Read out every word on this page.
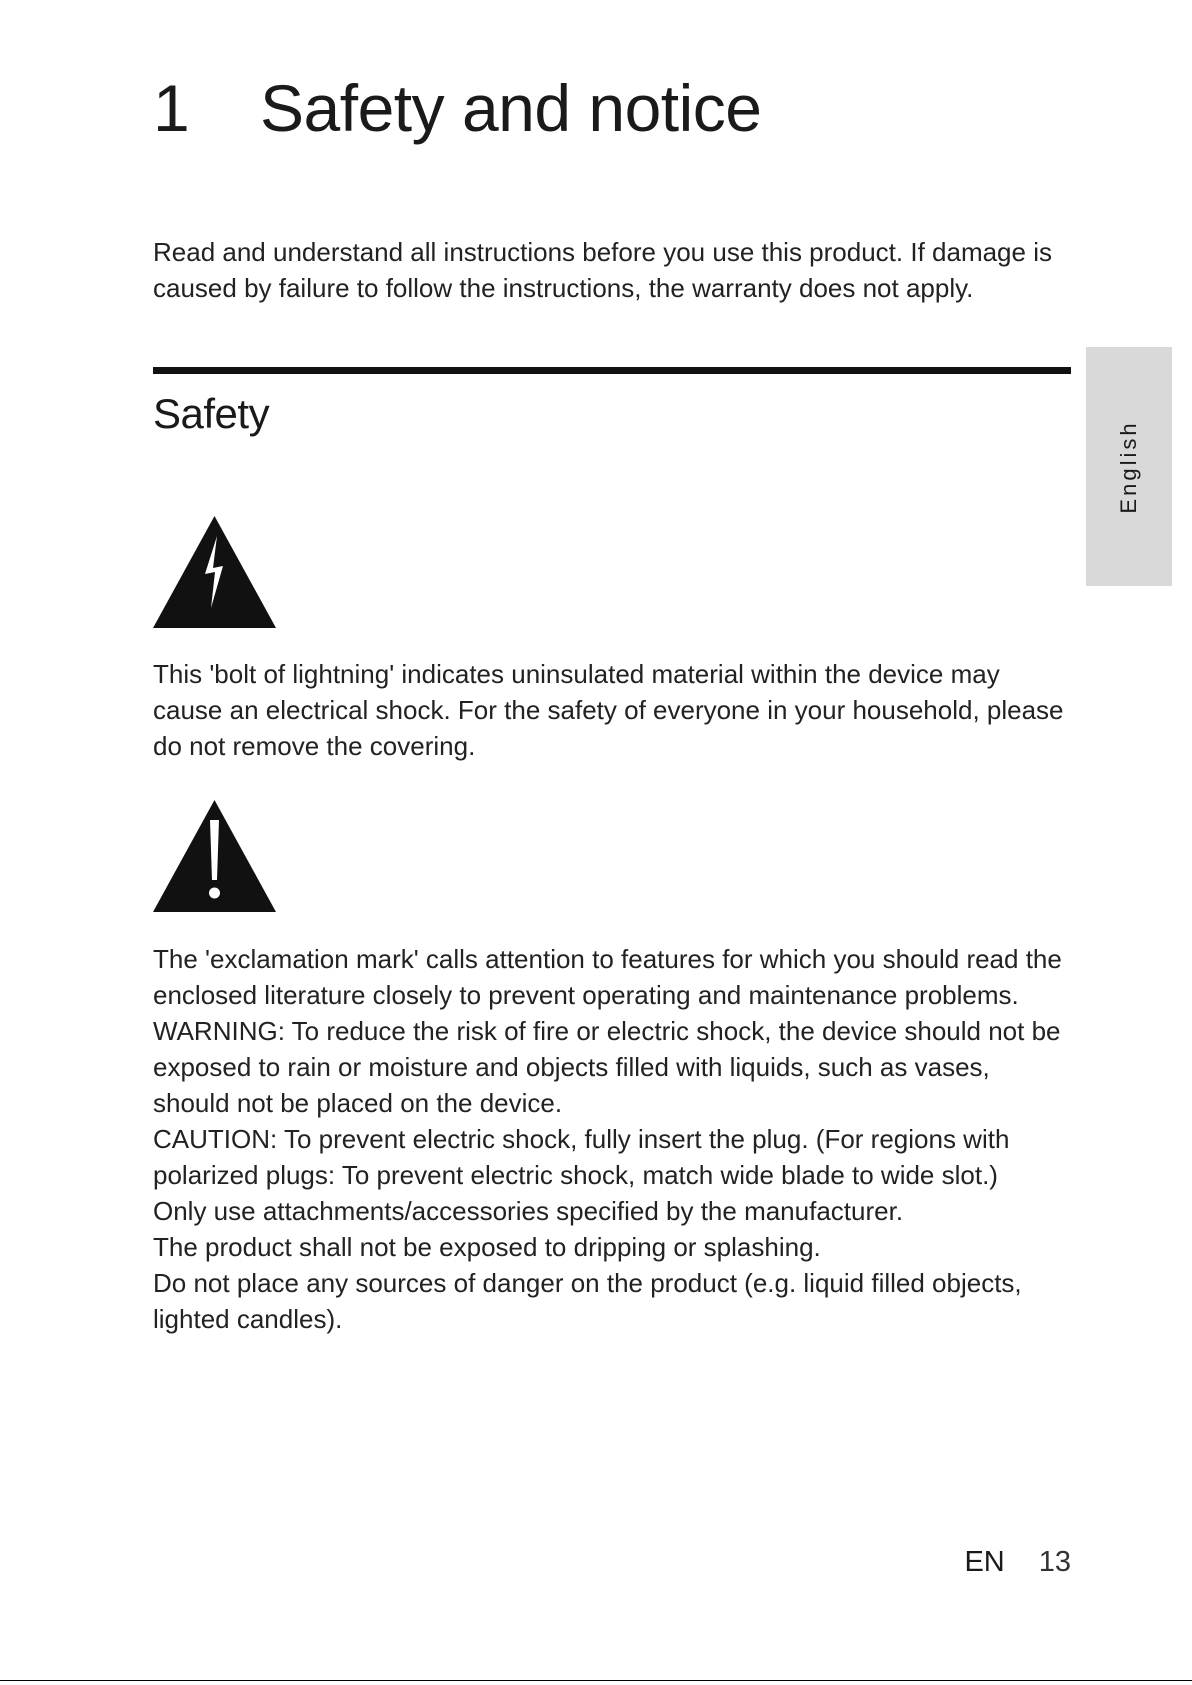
1 Safety and notice

Read and understand all instructions before you use this product. If damage is caused by failure to follow the instructions, the warranty does not apply.

Safety

This 'bolt of lightning' indicates uninsulated material within the device may cause an electrical shock. For the safety of everyone in your household, please do not remove the covering.

The 'exclamation mark' calls attention to features for which you should read the enclosed literature closely to prevent operating and maintenance problems.
WARNING: To reduce the risk of fire or electric shock, the device should not be exposed to rain or moisture and objects filled with liquids, such as vases, should not be placed on the device.
CAUTION: To prevent electric shock, fully insert the plug. (For regions with polarized plugs: To prevent electric shock, match wide blade to wide slot.)
Only use attachments/accessories specified by the manufacturer.
The product shall not be exposed to dripping or splashing.
Do not place any sources of danger on the product (e.g. liquid filled objects, lighted candles).
English
EN 13
